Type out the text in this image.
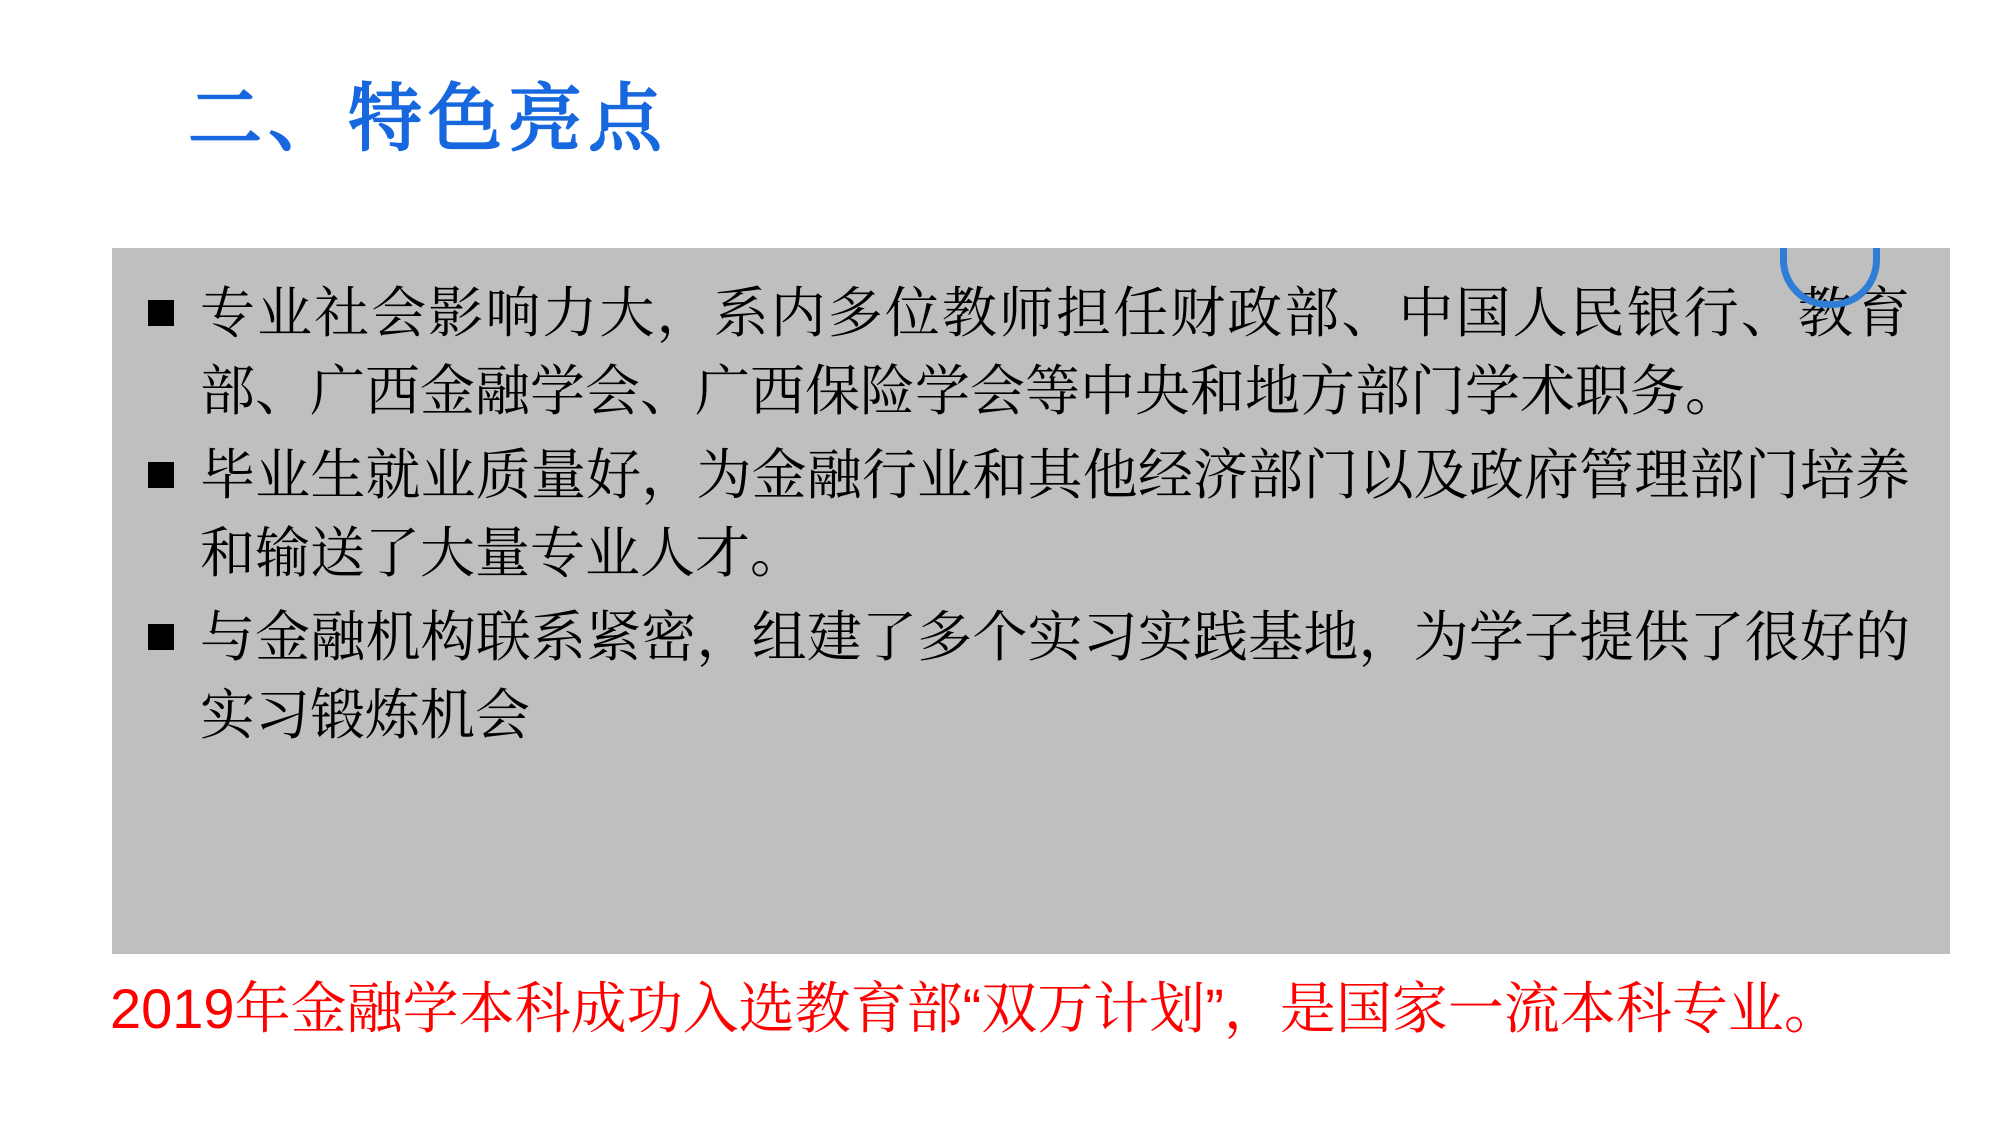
二、特色亮点
专业社会影响力大，系内多位教师担任财政部、中国人民银行、教育部、广西金融学会、广西保险学会等中央和地方部门学术职务。
毕业生就业质量好，为金融行业和其他经济部门以及政府管理部门培养和输送了大量专业人才。
与金融机构联系紧密，组建了多个实习实践基地，为学子提供了很好的实习锻炼机会
2019年金融学本科成功入选教育部“双万计划”，是国家一流本科专业。
